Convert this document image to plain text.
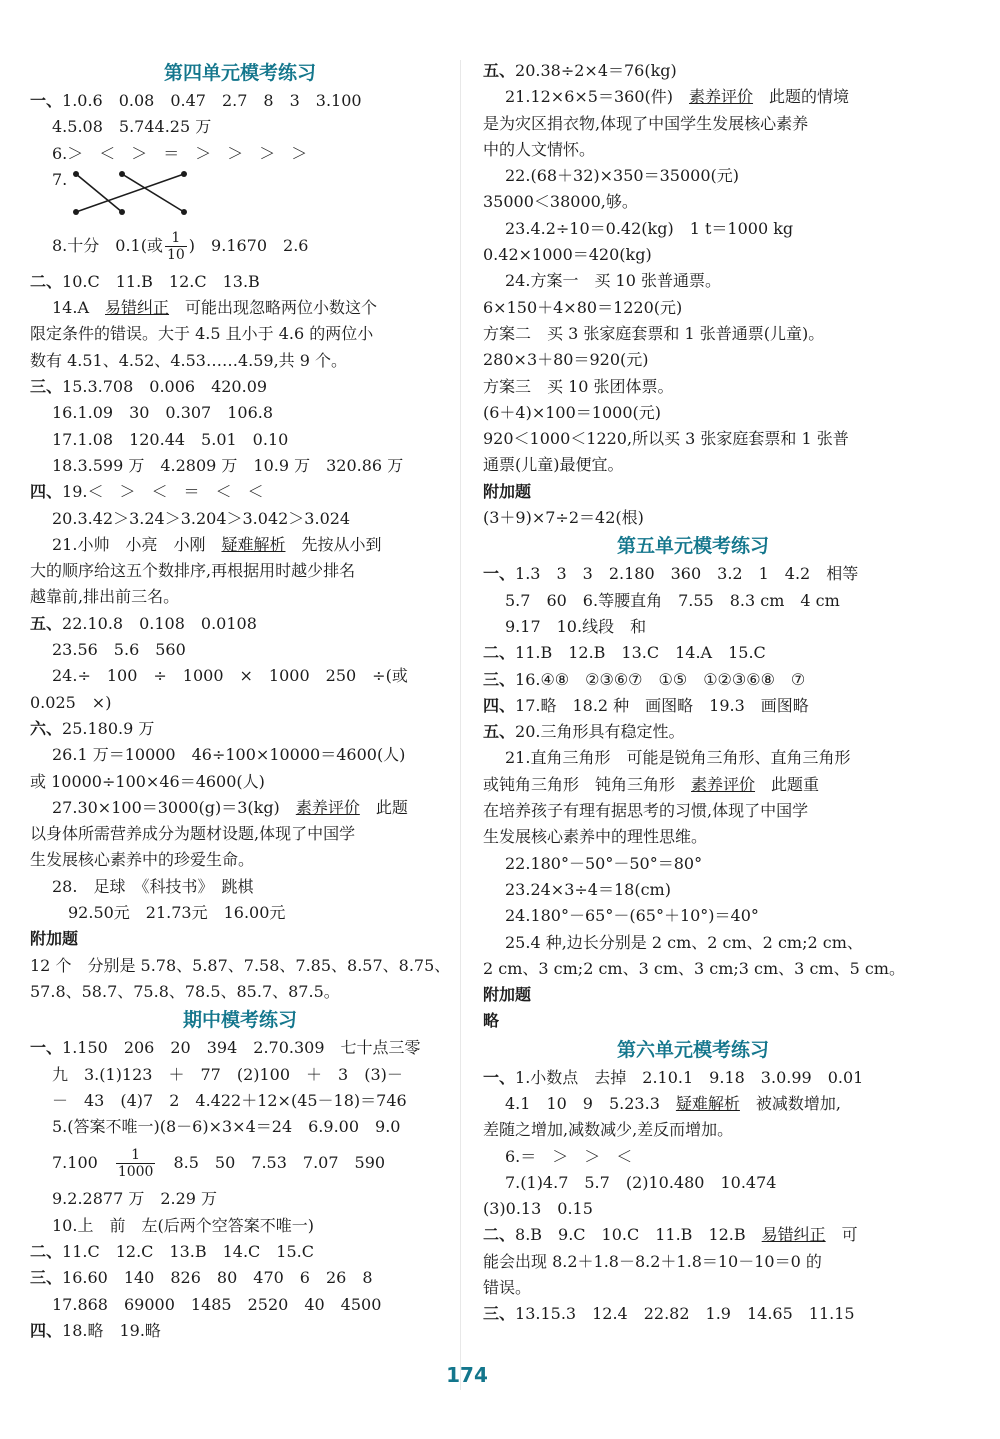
第四单元模考练习
一、1.0.6　0.08　0.47　2.7　8　3　3.100
4.5.08　5.744.25 万
6.＞　＜　＞　＝　＞　＞　＞　＞
7.
8.十分　0.1(或 $\frac{1}{10}$ )　9.1670　2.6
二、10.C　11.B　12.C　13.B
14.A　易错纠正　可能出现忽略两位小数这个
限定条件的错误。大于 4.5 且小于 4.6 的两位小
数有 4.51、4.52、4.53……4.59,共 9 个。
三、15.3.708　0.006　420.09
16.1.09　30　0.307　106.8
17.1.08　120.44　5.01　0.10
18.3.599 万　4.2809 万　10.9 万　320.86 万
四、19.＜　＞　＜　＝　＜　＜
20.3.42＞3.24＞3.204＞3.042＞3.024
21.小帅　小亮　小刚　疑难解析　先按从小到
大的顺序给这五个数排序,再根据用时越少排名
越靠前,排出前三名。
五、22.10.8　0.108　0.0108
23.56　5.6　560
24.÷　100　÷　1000　×　1000　250　÷(或
0.025　×)
六、25.180.9 万
26.1 万＝10000　46÷100×10000＝4600(人)
或 10000÷100×46＝4600(人)
27.30×100＝3000(g)＝3(kg)　素养评价　此题
以身体所需营养成分为题材设题,体现了中国学
生发展核心素养中的珍爱生命。
28.　足球　《科技书》　跳棋
92.50元　21.73元　16.00元
附加题
12 个　分别是 5.78、5.87、7.58、7.85、8.57、8.75、
57.8、58.7、75.8、78.5、85.7、87.5。
期中模考练习
一、1.150　206　20　394　2.70.309　七十点三零
九　3.(1)123　＋　77　(2)100　＋　3　(3)－
－　43　(4)7　2　4.422＋12×(45－18)＝746
5.(答案不唯一)(8－6)×3×4＝24　6.9.00　9.0
7.100　 $\frac{1}{1000}$ 　8.5　50　7.53　7.07　590
9.2.2877 万　2.29 万
10.上　前　左(后两个空答案不唯一)
二、11.C　12.C　13.B　14.C　15.C
三、16.60　140　826　80　470　6　26　8
17.868　69000　1485　2520　40　4500
四、18.略　19.略
五、20.38÷2×4＝76(kg)
21.12×6×5＝360(件)　素养评价　此题的情境
是为灾区捐衣物,体现了中国学生发展核心素养
中的人文情怀。
22.(68＋32)×350＝35000(元)
35000＜38000,够。
23.4.2÷10＝0.42(kg)　1 t＝1000 kg
0.42×1000＝420(kg)
24.方案一　买 10 张普通票。
6×150＋4×80＝1220(元)
方案二　买 3 张家庭套票和 1 张普通票(儿童)。
280×3＋80＝920(元)
方案三　买 10 张团体票。
(6＋4)×100＝1000(元)
920＜1000＜1220,所以买 3 张家庭套票和 1 张普
通票(儿童)最便宜。
附加题
(3＋9)×7÷2＝42(根)
第五单元模考练习
一、1.3　3　3　2.180　360　3.2　1　4.2　相等
5.7　60　6.等腰直角　7.55　8.3 cm　4 cm
9.17　10.线段　和
二、11.B　12.B　13.C　14.A　15.C
三、16.④⑧　②③⑥⑦　①⑤　①②③⑥⑧　⑦
四、17.略　18.2 种　画图略　19.3　画图略
五、20.三角形具有稳定性。
21.直角三角形　可能是锐角三角形、直角三角形
或钝角三角形　钝角三角形　素养评价　此题重
在培养孩子有理有据思考的习惯,体现了中国学
生发展核心素养中的理性思维。
22.180°－50°－50°＝80°
23.24×3÷4＝18(cm)
24.180°－65°－(65°＋10°)＝40°
25.4 种,边长分别是 2 cm、2 cm、2 cm;2 cm、
2 cm、3 cm;2 cm、3 cm、3 cm;3 cm、3 cm、5 cm。
附加题
略
第六单元模考练习
一、1.小数点　去掉　2.10.1　9.18　3.0.99　0.01
4.1　10　9　5.23.3　疑难解析　被减数增加,
差随之增加,减数减少,差反而增加。
6.＝　＞　＞　＜
7.(1)4.7　5.7　(2)10.480　10.474
(3)0.13　0.15
二、8.B　9.C　10.C　11.B　12.B　易错纠正　可
能会出现 8.2＋1.8－8.2＋1.8＝10－10＝0 的
错误。
三、13.15.3　12.4　22.82　1.9　14.65　11.15
174
